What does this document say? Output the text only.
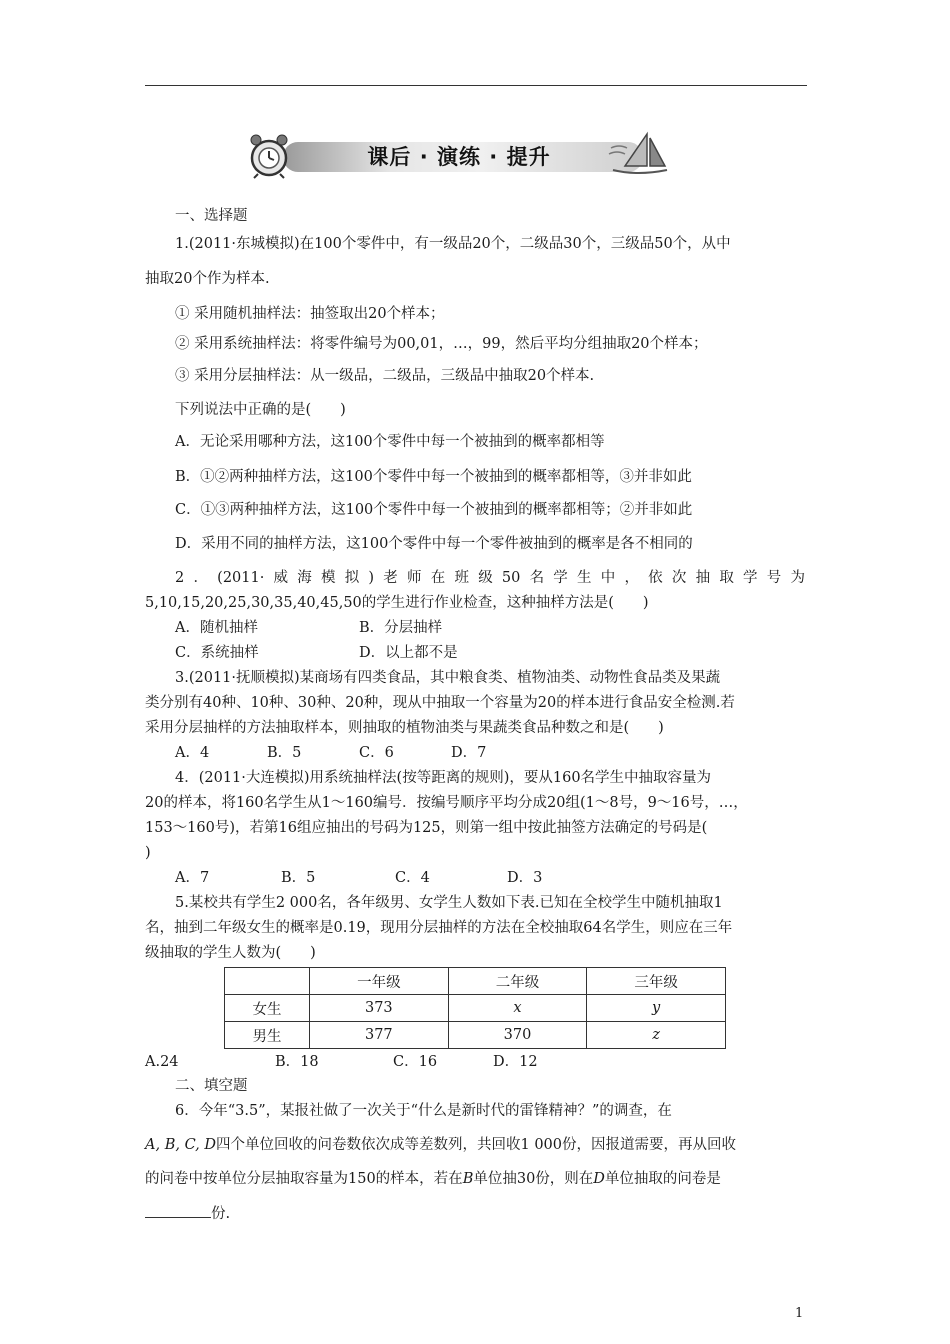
课后 · 演练 · 提升
一、选择题
1.(2011·东城模拟)在100个零件中，有一级品20个，二级品30个，三级品50个，从中
抽取20个作为样本.
① 采用随机抽样法：抽签取出20个样本；
② 采用系统抽样法：将零件编号为00,01，…，99，然后平均分组抽取20个样本；
③ 采用分层抽样法：从一级品，二级品，三级品中抽取20个样本.
下列说法中正确的是(　　)
A．无论采用哪种方法，这100个零件中每一个被抽到的概率都相等
B．①②两种抽样方法，这100个零件中每一个被抽到的概率都相等，③并非如此
C．①③两种抽样方法，这100个零件中每一个被抽到的概率都相等；②并非如此
D．采用不同的抽样方法，这100个零件中每一个零件被抽到的概率是各不相同的
2．(2011·威海模拟)老师在班级50名学生中，依次抽取学号为
5,10,15,20,25,30,35,40,45,50的学生进行作业检查，这种抽样方法是(　　)
A．随机抽样	B．分层抽样
C．系统抽样	D．以上都不是
3.(2011·抚顺模拟)某商场有四类食品，其中粮食类、植物油类、动物性食品类及果蔬
类分别有40种、10种、30种、20种，现从中抽取一个容量为20的样本进行食品安全检测.若
采用分层抽样的方法抽取样本，则抽取的植物油类与果蔬类食品种数之和是(　　)
A．4	B．5	C．6	D．7
4．(2011·大连模拟)用系统抽样法(按等距离的规则)，要从160名学生中抽取容量为
20的样本，将160名学生从1～160编号．按编号顺序平均分成20组(1～8号，9～16号，…，
153～160号)，若第16组应抽出的号码为125，则第一组中按此抽签方法确定的号码是(
)
A．7	B．5	C．4	D．3
5.某校共有学生2 000名，各年级男、女学生人数如下表.已知在全校学生中随机抽取1
名，抽到二年级女生的概率是0.19，现用分层抽样的方法在全校抽取64名学生，则应在三年
级抽取的学生人数为(　　)
	一年级	二年级	三年级
女生	373	x	y
男生	377	370	z
A.24	B．18	C．16	D．12
二、填空题
6．今年“3.5”，某报社做了一次关于“什么是新时代的雷锋精神？”的调查，在
A, B, C, D四个单位回收的问卷数依次成等差数列，共回收1 000份，因报道需要，再从回收
的问卷中按单位分层抽取容量为150的样本，若在B单位抽30份，则在D单位抽取的问卷是
份.
1
